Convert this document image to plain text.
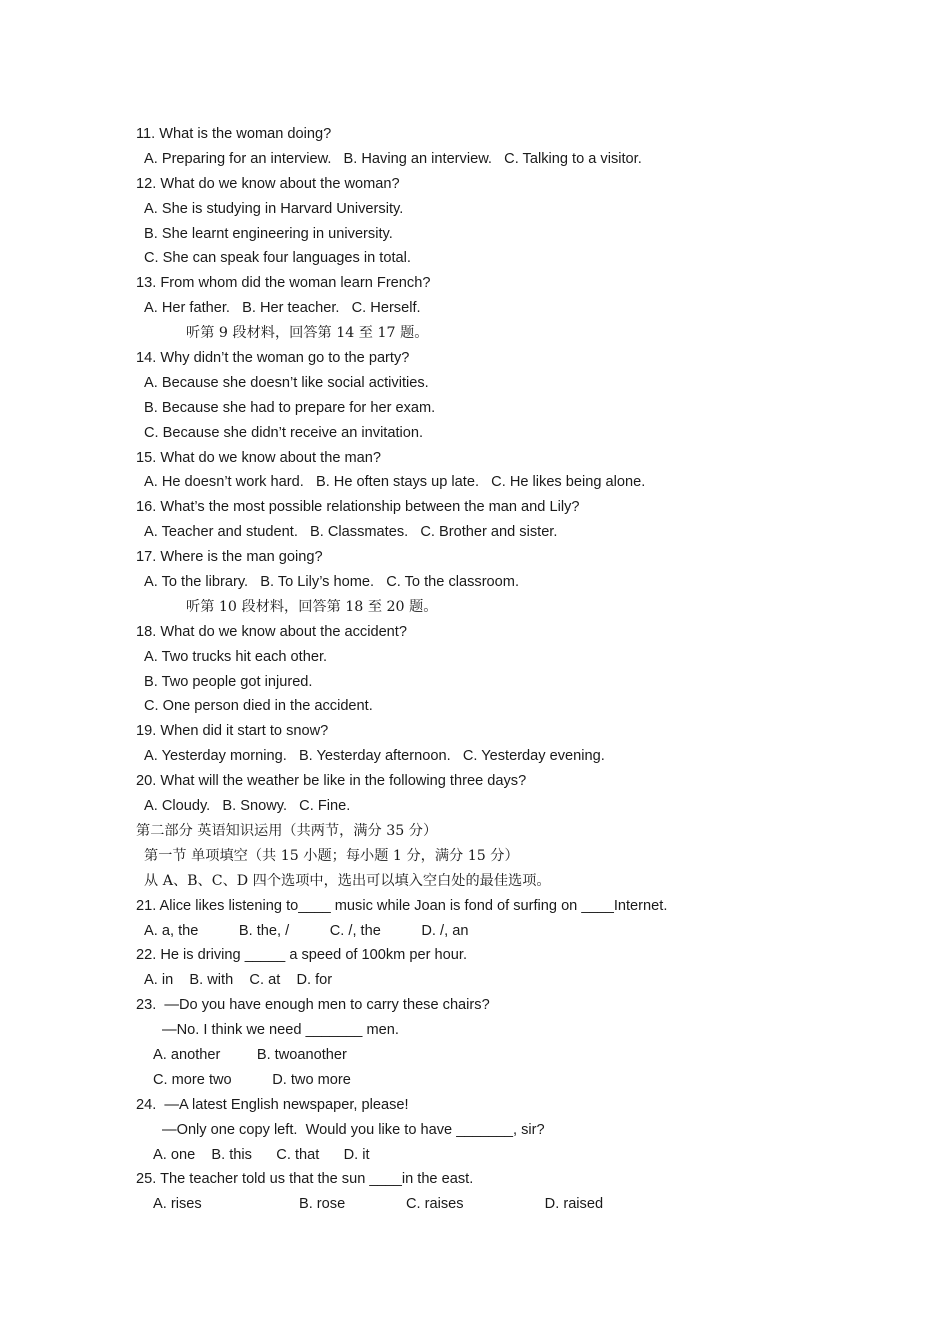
11. What is the woman doing?
A. Preparing for an interview.   B. Having an interview.   C. Talking to a visitor.
12. What do we know about the woman?
A. She is studying in Harvard University.
B. She learnt engineering in university.
C. She can speak four languages in total.
13. From whom did the woman learn French?
A. Her father.   B. Her teacher.   C. Herself.
听第 9 段材料，回答第 14 至 17 题。
14. Why didn’t the woman go to the party?
A. Because she doesn’t like social activities.
B. Because she had to prepare for her exam.
C. Because she didn’t receive an invitation.
15. What do we know about the man?
A. He doesn’t work hard.   B. He often stays up late.   C. He likes being alone.
16. What’s the most possible relationship between the man and Lily?
A. Teacher and student.   B. Classmates.   C. Brother and sister.
17. Where is the man going?
A. To the library.   B. To Lily’s home.   C. To the classroom.
听第 10 段材料，回答第 18 至 20 题。
18. What do we know about the accident?
A. Two trucks hit each other.
B. Two people got injured.
C. One person died in the accident.
19. When did it start to snow?
A. Yesterday morning.   B. Yesterday afternoon.   C. Yesterday evening.
20. What will the weather be like in the following three days?
A. Cloudy.   B. Snowy.   C. Fine.
第二部分 英语知识运用（共两节，满分 35 分）
第一节 单项填空（共 15 小题；每小题 1 分，满分 15 分）
从 A、B、C、D 四个选项中，选出可以填入空白处的最佳选项。
21. Alice likes listening to____ music while Joan is fond of surfing on ____Internet.
A. a, the          B. the, /          C. /, the          D. /, an
22. He is driving _____ a speed of 100km per hour.
A. in    B. with    C. at    D. for
23.  —Do you have enough men to carry these chairs?
—No. I think we need _______ men.
A. another         B. twoanother
C. more two          D. two more
24.  —A latest English newspaper, please!
—Only one copy left.  Would you like to have _______, sir?
A. one    B. this      C. that      D. it
25. The teacher told us that the sun ____in the east.
A. rises                        B. rose               C. raises                    D. raised
